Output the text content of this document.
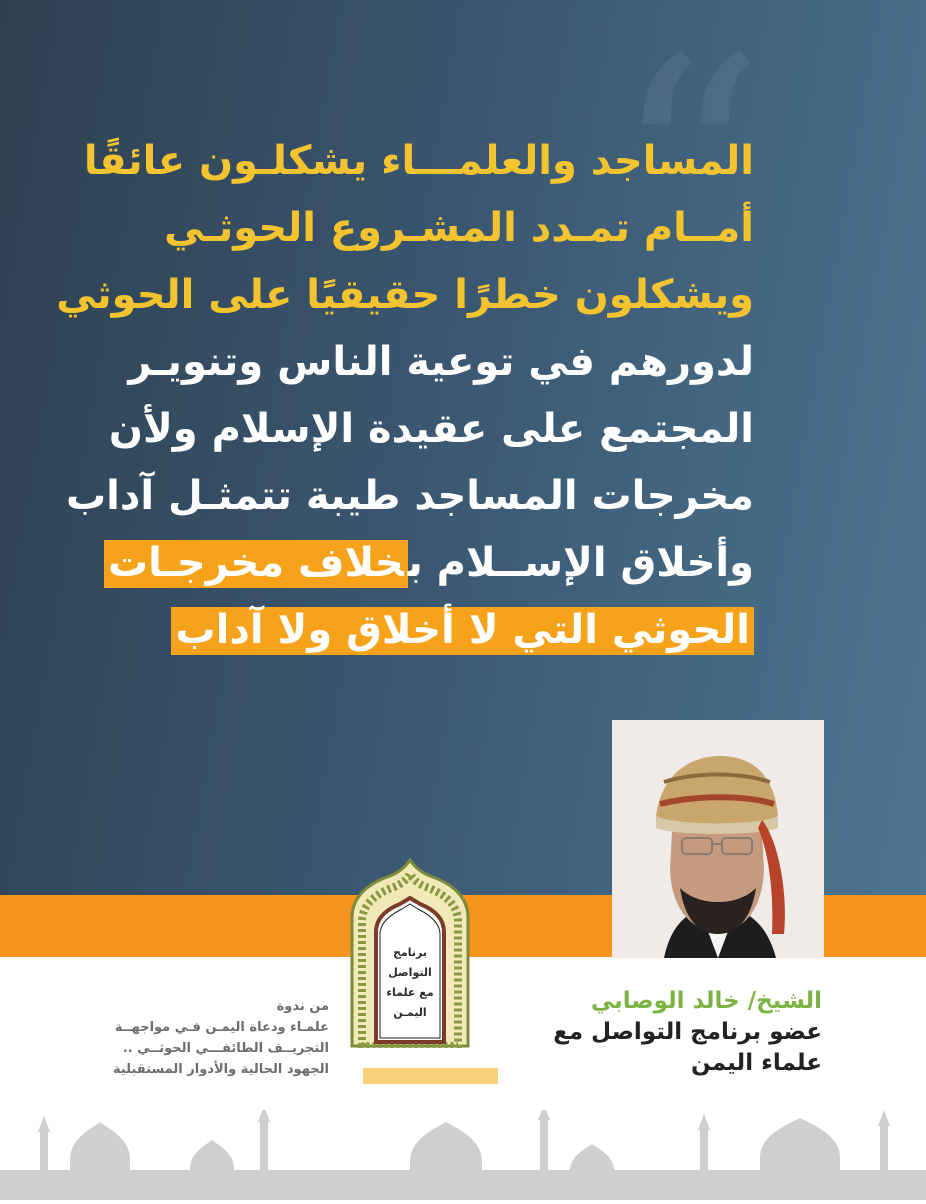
“
المساجد والعلمـــاء يشكلـون عائقًا
أمــام تمـدد المشـروع الحوثـي
ويشكلون خطرًا حقيقيًا على الحوثي
لدورهم في توعية الناس وتنويـر
المجتمع على عقيدة الإسلام ولأن
مخرجات المساجد طيبة تتمثـل آداب
وأخلاق الإســلام بخلاف مخرجـات
الحوثي التي لا أخلاق ولا آداب
برنامج
التواصل
مع علماء
اليمـن	الشيخ/ خالد الوصابي
عضو برنامج التواصل مع
علماء اليمن
من ندوة
علمـاء ودعاة اليمـن فـي مواجهــة
التجريــف الطائفـــي الحوثــي ..
الجهود الحالية والأدوار المستقبلية
